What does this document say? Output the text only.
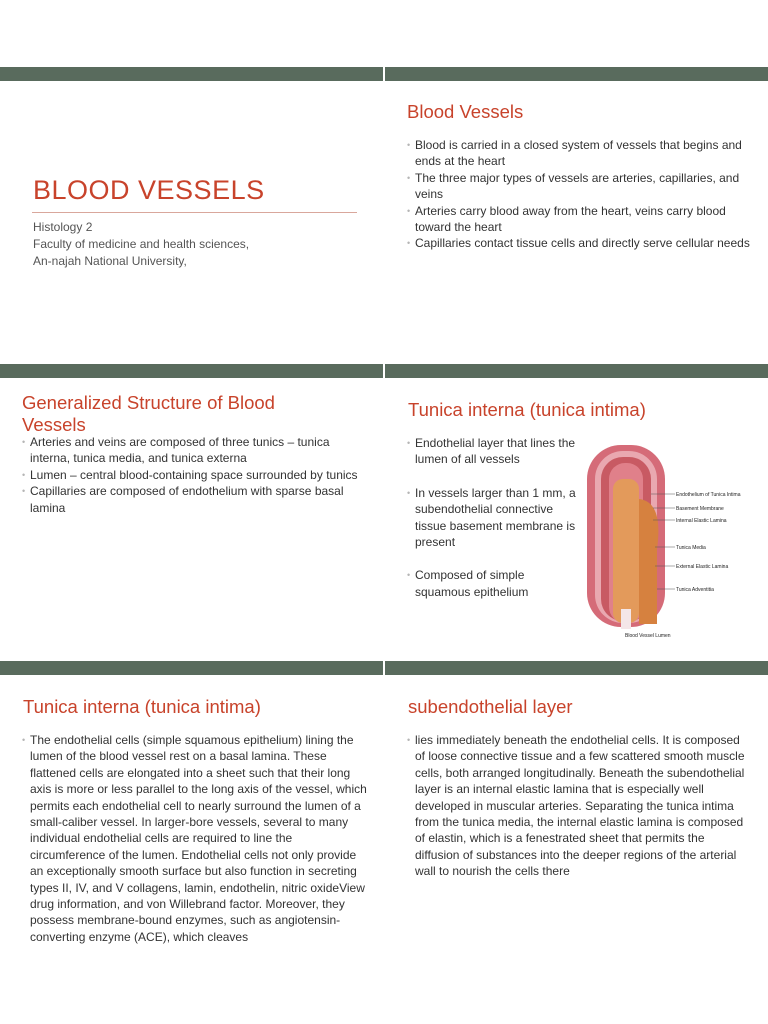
BLOOD VESSELS
Histology 2
Faculty of medicine and health sciences,
An-najah National University,
Blood Vessels
• Blood is carried in a closed system of vessels that begins and ends at the heart
• The three major types of vessels are arteries, capillaries, and veins
• Arteries carry blood away from the heart, veins carry blood toward the heart
• Capillaries contact tissue cells and directly serve cellular needs
Generalized Structure of Blood Vessels
• Arteries and veins are composed of three tunics – tunica interna, tunica media, and tunica externa
• Lumen – central blood-containing space surrounded by tunics
• Capillaries are composed of endothelium with sparse basal lamina
Tunica interna (tunica intima)
• Endothelial layer that lines the lumen of all vessels
• In vessels larger than 1 mm, a subendothelial connective tissue basement membrane is present
• Composed of simple squamous epithelium
Endothelium of Tunica Intima
Basement Membrane
Internal Elastic Lamina
Tunica Media
External Elastic Lamina
Tunica Adventitia
Blood Vessel Lumen
Tunica interna (tunica intima)
• The endothelial cells (simple squamous epithelium) lining the lumen of the blood vessel rest on a basal lamina. These flattened cells are elongated into a sheet such that their long axis is more or less parallel to the long axis of the vessel, which permits each endothelial cell to nearly surround the lumen of a small-caliber vessel. In larger-bore vessels, several to many individual endothelial cells are required to line the circumference of the lumen. Endothelial cells not only provide an exceptionally smooth surface but also function in secreting types II, IV, and V collagens, lamin, endothelin, nitric oxideView drug information, and von Willebrand factor. Moreover, they possess membrane-bound enzymes, such as angiotensin-converting enzyme (ACE), which cleaves
subendothelial layer
• lies immediately beneath the endothelial cells. It is composed of loose connective tissue and a few scattered smooth muscle cells, both arranged longitudinally. Beneath the subendothelial layer is an internal elastic lamina that is especially well developed in muscular arteries. Separating the tunica intima from the tunica media, the internal elastic lamina is composed of elastin, which is a fenestrated sheet that permits the diffusion of substances into the deeper regions of the arterial wall to nourish the cells there
